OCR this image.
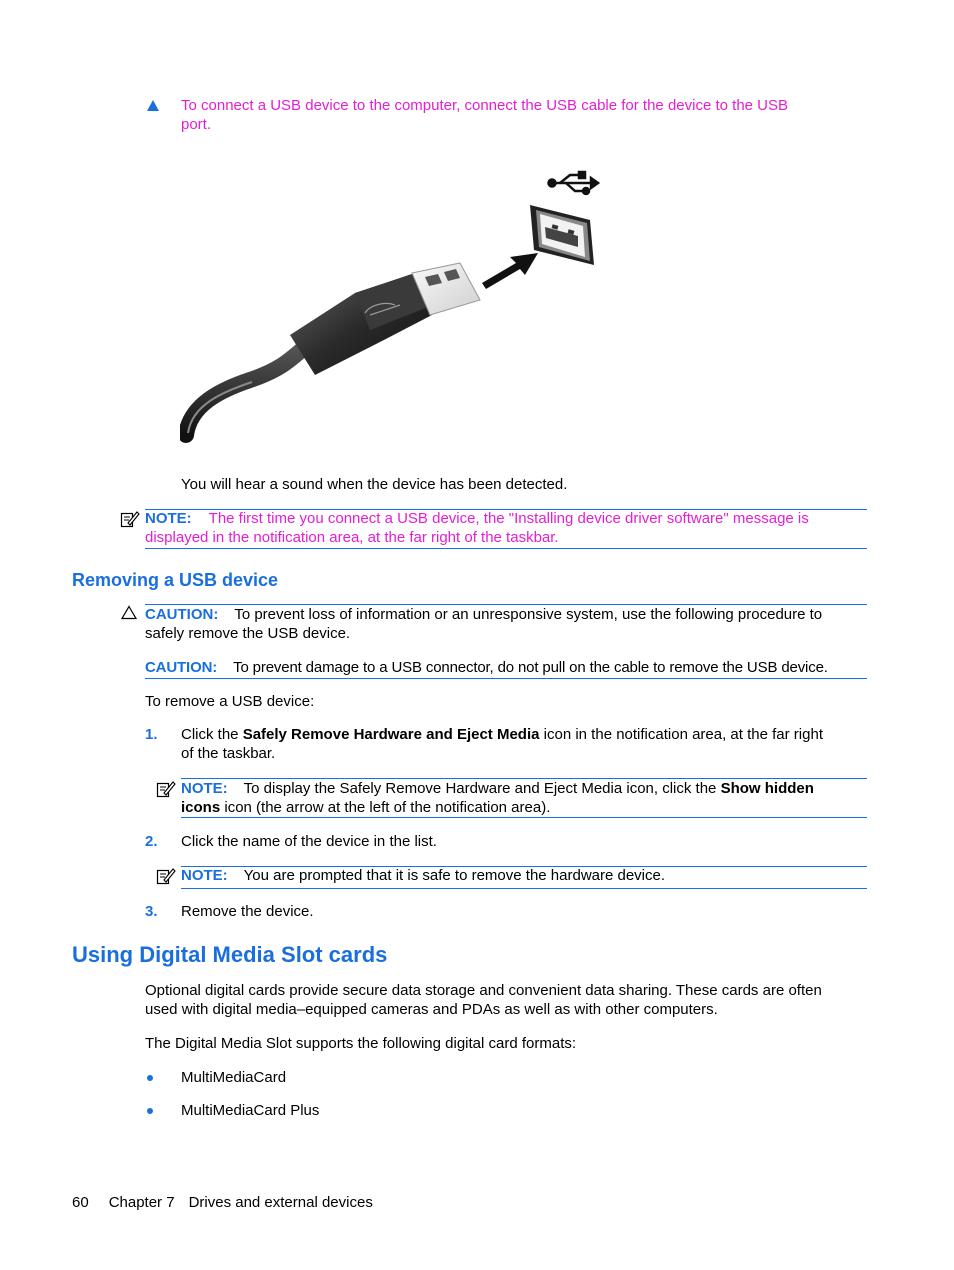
To connect a USB device to the computer, connect the USB cable for the device to the USB
port.
You will hear a sound when the device has been detected.
NOTE: The first time you connect a USB device, the "Installing device driver software" message is
displayed in the notification area, at the far right of the taskbar.
Removing a USB device
CAUTION: To prevent loss of information or an unresponsive system, use the following procedure to
safely remove the USB device.
CAUTION: To prevent damage to a USB connector, do not pull on the cable to remove the USB device.
To remove a USB device:
1. Click the Safely Remove Hardware and Eject Media icon in the notification area, at the far right
of the taskbar.
NOTE: To display the Safely Remove Hardware and Eject Media icon, click the Show hidden
icons icon (the arrow at the left of the notification area).
2. Click the name of the device in the list.
NOTE: You are prompted that it is safe to remove the hardware device.
3. Remove the device.
Using Digital Media Slot cards
Optional digital cards provide secure data storage and convenient data sharing. These cards are often
used with digital media–equipped cameras and PDAs as well as with other computers.
The Digital Media Slot supports the following digital card formats:
MultiMediaCard
MultiMediaCard Plus
60 Chapter 7 Drives and external devices
